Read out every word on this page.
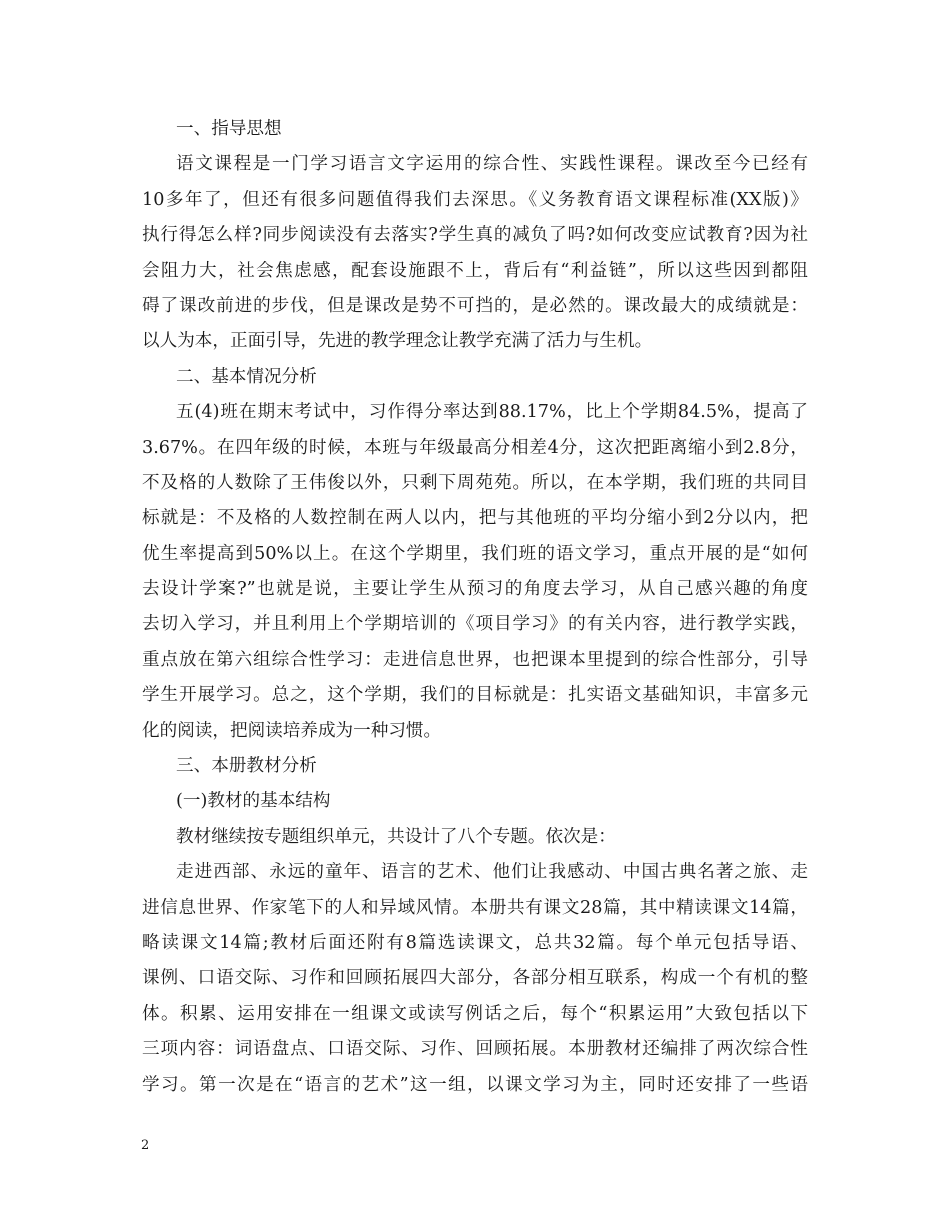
一、指导思想
语文课程是一门学习语言文字运用的综合性、实践性课程。课改至今已经有
10多年了，但还有很多问题值得我们去深思。《义务教育语文课程标准(XX版)》
执行得怎么样?同步阅读没有去落实?学生真的减负了吗?如何改变应试教育?因为社
会阻力大，社会焦虑感，配套设施跟不上，背后有“利益链”，所以这些因到都阻
碍了课改前进的步伐，但是课改是势不可挡的，是必然的。课改最大的成绩就是：
以人为本，正面引导，先进的教学理念让教学充满了活力与生机。
二、基本情况分析
五(4)班在期末考试中，习作得分率达到88.17%，比上个学期84.5%，提高了
3.67%。在四年级的时候，本班与年级最高分相差4分，这次把距离缩小到2.8分，
不及格的人数除了王伟俊以外，只剩下周苑苑。所以，在本学期，我们班的共同目
标就是：不及格的人数控制在两人以内，把与其他班的平均分缩小到2分以内，把
优生率提高到50%以上。在这个学期里，我们班的语文学习，重点开展的是“如何
去设计学案?”也就是说，主要让学生从预习的角度去学习，从自己感兴趣的角度
去切入学习，并且利用上个学期培训的《项目学习》的有关内容，进行教学实践，
重点放在第六组综合性学习：走进信息世界，也把课本里提到的综合性部分，引导
学生开展学习。总之，这个学期，我们的目标就是：扎实语文基础知识，丰富多元
化的阅读，把阅读培养成为一种习惯。
三、本册教材分析
(一)教材的基本结构
教材继续按专题组织单元，共设计了八个专题。依次是：
走进西部、永远的童年、语言的艺术、他们让我感动、中国古典名著之旅、走
进信息世界、作家笔下的人和异域风情。本册共有课文28篇，其中精读课文14篇，
略读课文14篇;教材后面还附有8篇选读课文，总共32篇。每个单元包括导语、
课例、口语交际、习作和回顾拓展四大部分，各部分相互联系，构成一个有机的整
体。积累、运用安排在一组课文或读写例话之后，每个“积累运用”大致包括以下
三项内容：词语盘点、口语交际、习作、回顾拓展。本册教材还编排了两次综合性
学习。第一次是在“语言的艺术”这一组，以课文学习为主，同时还安排了一些语
2
